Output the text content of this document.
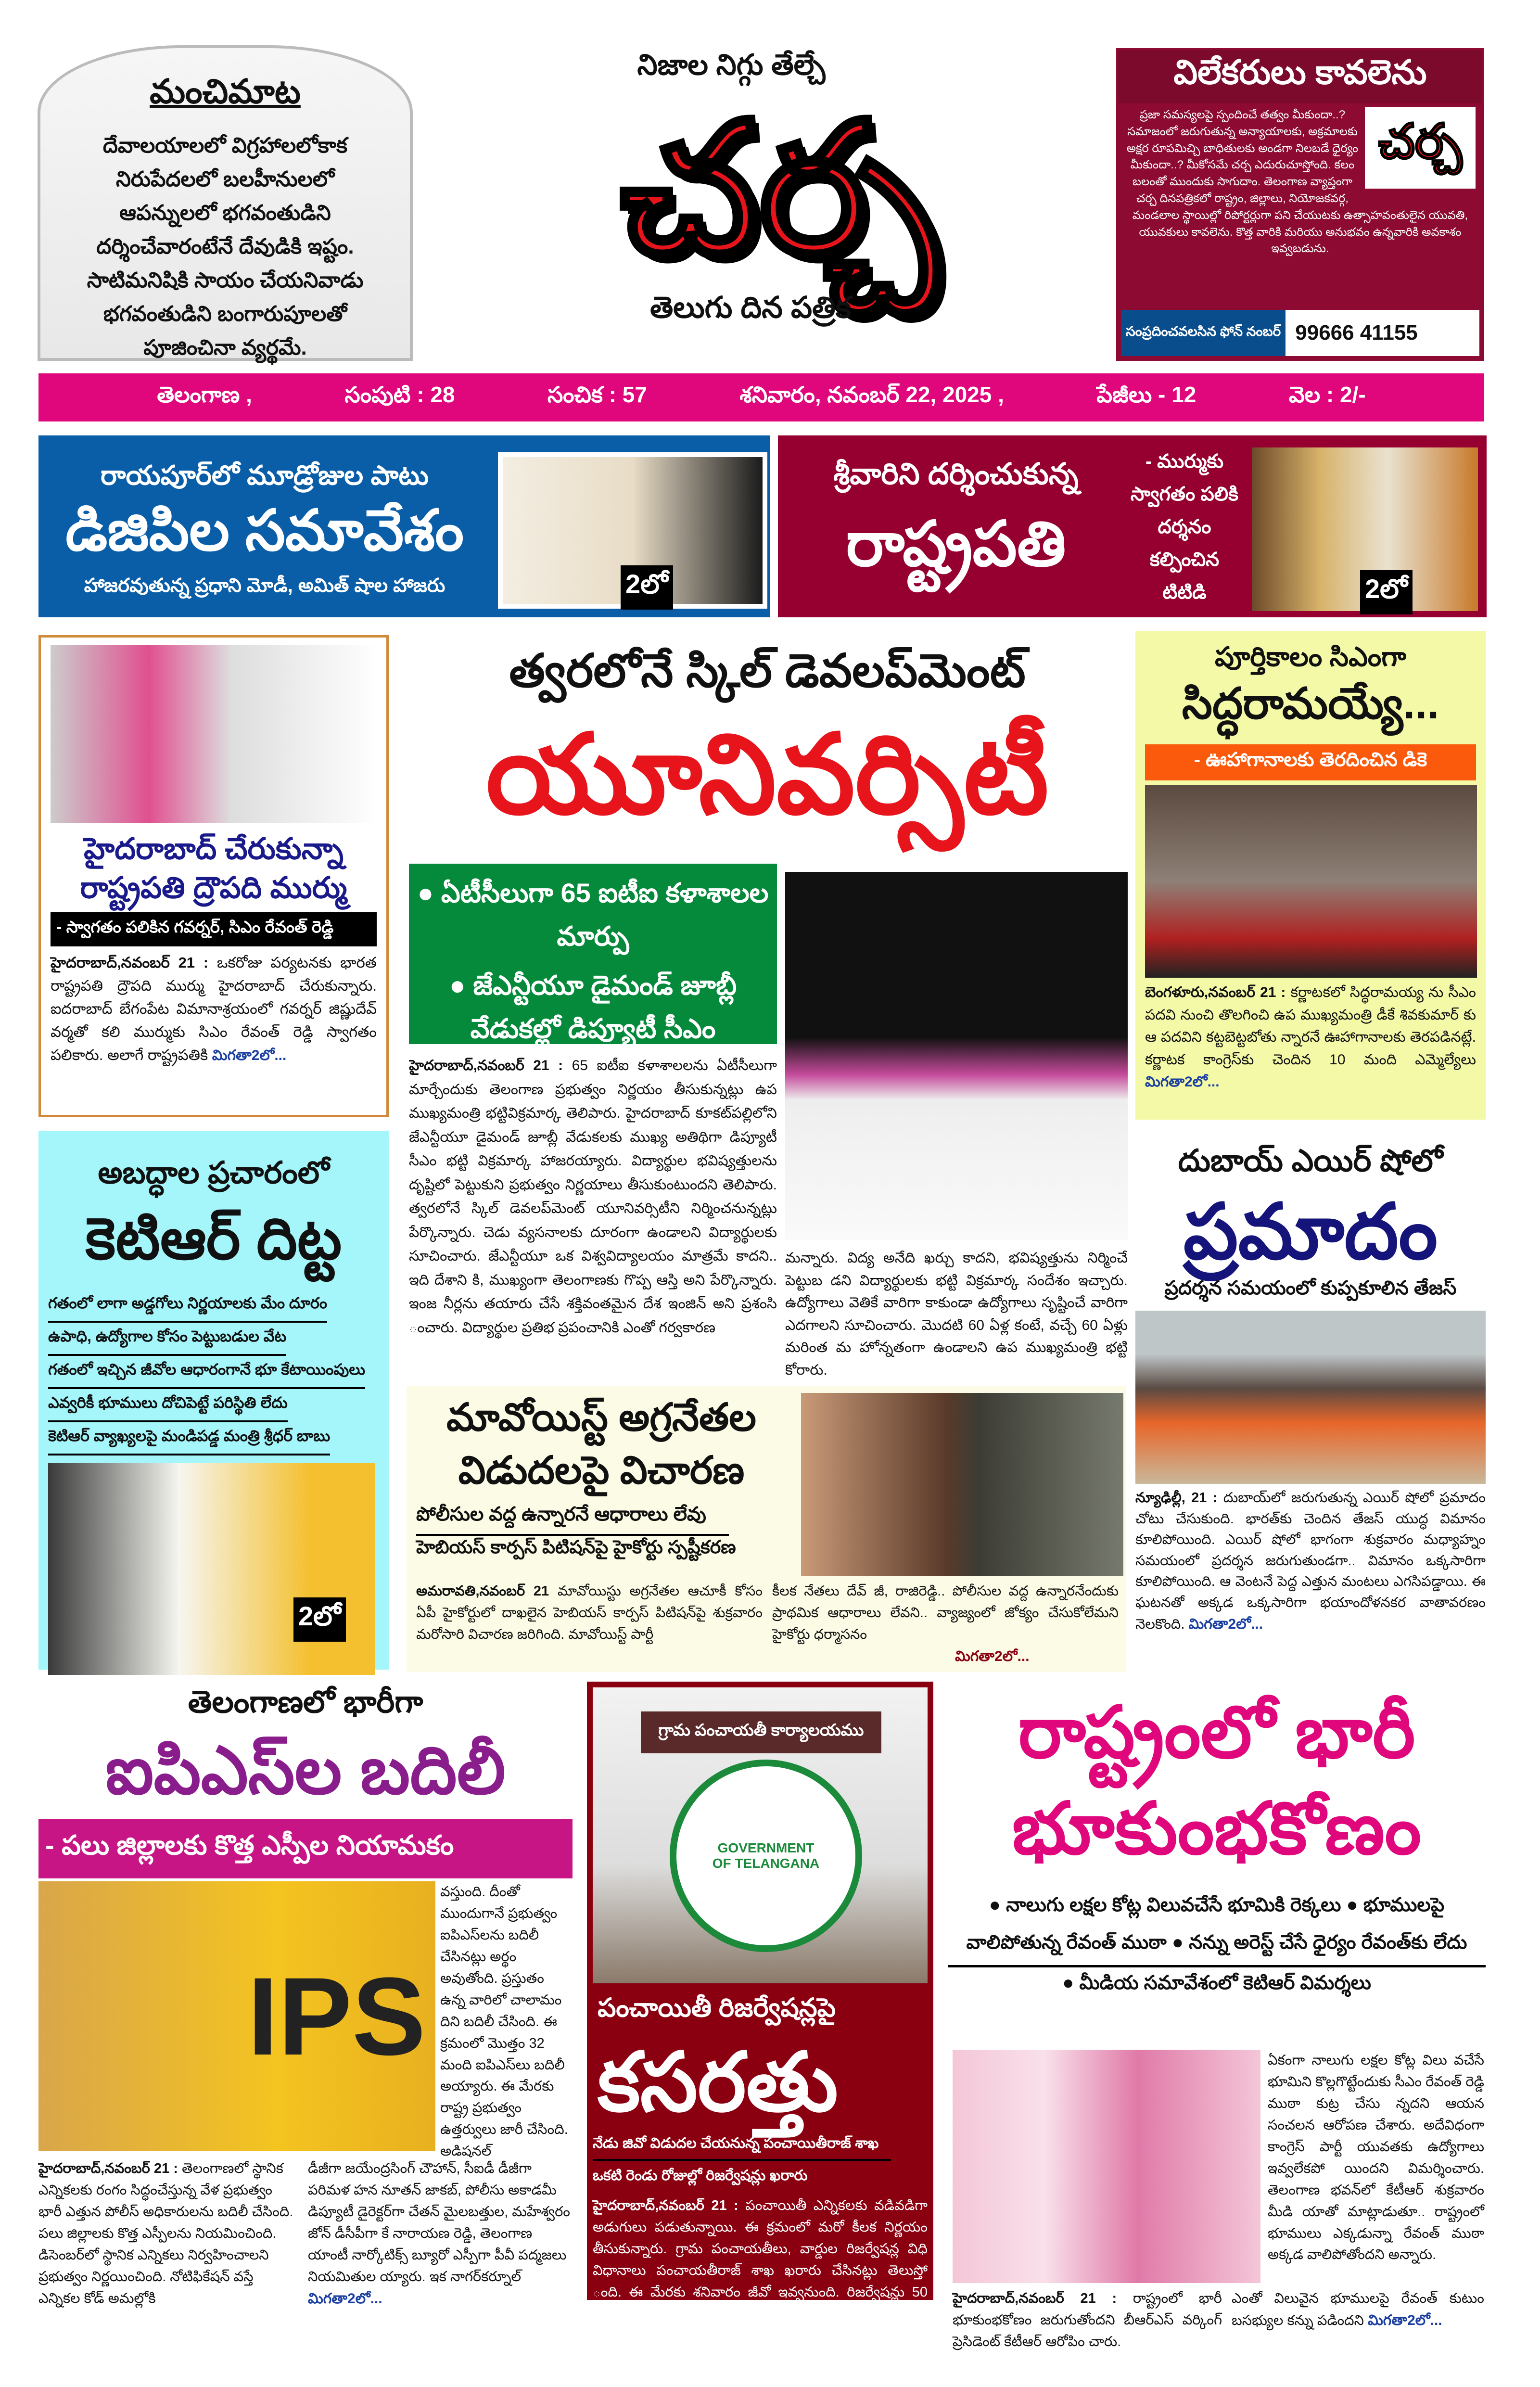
మంచిమాట
దేవాలయాలలో విగ్రహాలలోకాక
నిరుపేదలలో బలహీనులలో
ఆపన్నులలో భగవంతుడిని
దర్శించేవారంటేనే దేవుడికి ఇష్టం.
సాటిమనిషికి సాయం చేయనివాడు
భగవంతుడిని బంగారుపూలతో
పూజించినా వ్యర్థమే.
నిజాల నిగ్గు తేల్చే
చర్చ
తెలుగు దిన పత్రిక
విలేకరులు కావలెను
చర్చ
ప్రజా సమస్యలపై స్పందించే తత్వం మీకుందా..? సమాజంలో జరుగుతున్న అన్యాయాలకు, అక్రమాలకు అక్షర రూపమిచ్చి బాధితులకు అండగా నిలబడే ధైర్యం మీకుందా..? మీకోసమే చర్చ ఎదురుచూస్తోంది. కలం బలంతో ముందుకు సాగుదాం. తెలంగాణ వ్యాప్తంగా చర్చ దినపత్రికలో రాష్ట్రం, జిల్లాలు, నియోజకవర్గ, మండలాల స్థాయిల్లో రిపోర్టర్లుగా పని చేయుటకు ఉత్సాహవంతులైన యువతి, యువకులు కావలెను. కొత్త వారికి మరియు అనుభవం ఉన్నవారికి అవకాశం ఇవ్వబడును.
సంప్రదించవలసిన ఫోన్ నంబర్ 99666 41155
తెలంగాణ ,	సంపుటి : 28	సంచిక : 57	శనివారం, నవంబర్ 22, 2025 ,	పేజీలు - 12	వెల : 2/-
రాయపూర్‌లో మూడ్రోజుల పాటు
డిజిపిల సమావేశం
హాజరవుతున్న ప్రధాని మోడీ, అమిత్ షాల హాజరు	2లో
శ్రీవారిని దర్శించుకున్న
రాష్ట్రపతి
- ముర్ముకు
స్వాగతం పలికి
దర్శనం
కల్పించిన
టిటిడి	2లో
హైదరాబాద్ చేరుకున్నా రాష్ట్రపతి ద్రౌపది ముర్ము
- స్వాగతం పలికిన గవర్నర్, సిఎం రేవంత్ రెడ్డి
హైదరాబాద్,నవంబర్ 21 : ఒకరోజు పర్యటనకు భారత రాష్ట్రపతి ద్రౌపది ముర్ము హైదరాబాద్ చేరుకున్నారు. ఐదరాబాద్ బేగంపేట విమానాశ్రయంలో గవర్నర్ జిష్ణుదేవ్ వర్మతో కలి ముర్ముకు సిఎం రేవంత్ రెడ్డి స్వాగతం పలికారు. అలాగే రాష్ట్రపతికి మిగతా2లో...
త్వరలోనే స్కిల్ డెవలప్‌మెంట్
యూనివర్సిటీ
● ఏటీసీలుగా 65 ఐటీఐ కళాశాలల మార్పు
● జేఎన్టీయూ డైమండ్ జూబ్లీ వేడుకల్లో డిప్యూటీ సీఎం
హైదరాబాద్,నవంబర్ 21 : 65 ఐటీఐ కళాశాలలను ఏటీసీలుగా మార్చేందుకు తెలంగాణ ప్రభుత్వం నిర్ణయం తీసుకున్నట్లు ఉప ముఖ్యమంత్రి భట్టివిక్రమార్క తెలిపారు. హైదరాబాద్ కూకట్‌పల్లిలోని జేఎన్టీయూ డైమండ్ జూబ్లీ వేడుకలకు ముఖ్య అతిథిగా డిప్యూటీ సీఎం భట్టి విక్రమార్క హాజరయ్యారు. విద్యార్థుల భవిష్యత్తులను దృష్టిలో పెట్టుకుని ప్రభుత్వం నిర్ణయాలు తీసుకుంటుందని తెలిపారు. త్వరలోనే స్కిల్ డెవలప్‌మెంట్ యూనివర్సిటీని నిర్మించనున్నట్లు పేర్కొన్నారు. చెడు వ్యసనాలకు దూరంగా ఉండాలని విద్యార్థులకు సూచించారు. జేఎన్టీయూ ఒక విశ్వవిద్యాలయం మాత్రమే కాదని.. ఇది దేశాని కి, ముఖ్యంగా తెలంగాణకు గొప్ప ఆస్తి అని పేర్కొన్నారు. ఇంజ నీర్లను తయారు చేసే శక్తివంతమైన దేశ ఇంజిన్ అని ప్రశంసి ంచారు. విద్యార్థుల ప్రతిభ ప్రపంచానికి ఎంతో గర్వకారణ
మన్నారు. విద్య అనేది ఖర్చు కాదని, భవిష్యత్తును నిర్మించే పెట్టుబ డని విద్యార్థులకు భట్టి విక్రమార్క సందేశం ఇచ్చారు. ఉద్యోగాలు వెతికే వారిగా కాకుండా ఉద్యోగాలు సృష్టించే వారిగా ఎదగాలని సూచించారు. మొదటి 60 ఏళ్ల కంటే, వచ్చే 60 ఏళ్లు మరింత మ హోన్నతంగా ఉండాలని ఉప ముఖ్యమంత్రి భట్టి కోరారు.
పూర్తికాలం సిఎంగా
సిద్ధరామయ్యే...
- ఊహాగానాలకు తెరదించిన డికె
బెంగళూరు,నవంబర్ 21 : కర్ణాటకలో సిద్ధరామయ్య ను సీఎం పదవి నుంచి తొలగించి ఉప ముఖ్యమంత్రి డీకే శివకుమార్ కు ఆ పదవిని కట్టబెట్టబోతు న్నారనే ఊహాగానాలకు తెరపడినట్లే. కర్ణాటక కాంగ్రెస్‌కు చెందిన 10 మంది ఎమ్మెల్యేలు మిగతా2లో...
దుబాయ్ ఎయిర్ షోలో
ప్రమాదం
ప్రదర్శన సమయంలో కుప్పకూలిన తేజస్
న్యూఢిల్లీ, 21 : దుబాయ్‌లో జరుగుతున్న ఎయిర్ షోలో ప్రమాదం చోటు చేసుకుంది. భారత్‌కు చెందిన తేజస్ యుద్ధ విమానం కూలిపోయింది. ఎయిర్ షోలో భాగంగా శుక్రవారం మధ్యాహ్నం సమయంలో ప్రదర్శన జరుగుతుండగా.. విమానం ఒక్కసారిగా కూలిపోయింది. ఆ వెంటనే పెద్ద ఎత్తున మంటలు ఎగసిపడ్డాయి. ఈ ఘటనతో అక్కడ ఒక్కసారిగా భయాందోళనకర వాతావరణం నెలకొంది. మిగతా2లో...
అబద్ధాల ప్రచారంలో
కెటిఆర్ దిట్ట
గతంలో లాగా అడ్డగోలు నిర్ణయాలకు మేం దూరం
ఉపాధి, ఉద్యోగాల కోసం పెట్టుబడుల వేట
గతంలో ఇచ్చిన జీవోల ఆధారంగానే భూ కేటాయింపులు
ఎవ్వరికీ భూములు దోచిపెట్టే పరిస్థితి లేదు
కెటిఆర్ వ్యాఖ్యలపై మండిపడ్డ మంత్రి శ్రీధర్ బాబు
2లో
మావోయిస్ట్ అగ్రనేతల
విడుదలపై విచారణ
పోలీసుల వద్ద ఉన్నారనే ఆధారాలు లేవు
హెబియస్ కార్పస్ పిటిషన్‌పై హైకోర్టు స్పష్టీకరణ
అమరావతి,నవంబర్ 21 మావోయిస్టు అగ్రనేతల ఆచూకీ కోసం ఏపీ హైకోర్టులో దాఖలైన హెబియస్ కార్పస్ పిటిషన్‌పై శుక్రవారం మరోసారి విచారణ జరిగింది. మావోయిస్ట్ పార్టీ
కీలక నేతలు దేవ్ జీ, రాజిరెడ్డి.. పోలీసుల వద్ద ఉన్నారనేందుకు ప్రాథమిక ఆధారాలు లేవని.. వ్యాజ్యంలో జోక్యం చేసుకోలేమని హైకోర్టు ధర్మాసనం
మిగతా2లో...
తెలంగాణలో భారీగా
ఐపిఎస్‌ల బదిలీ
- పలు జిల్లాలకు కొత్త ఎస్పీల నియామకం
IPS
వస్తుంది. దీంతో ముందుగానే ప్రభుత్వం ఐపిఎస్‌లను బదిలీ చేసినట్లు అర్థం అవుతోంది. ప్రస్తుతం ఉన్న వారిలో చాలామం దిని బదిలీ చేసింది. ఈ క్రమంలో మొత్తం 32 మంది ఐపిఎస్‌లు బదిలీ అయ్యారు. ఈ మేరకు రాష్ట్ర ప్రభుత్వం ఉత్తర్వులు జారీ చేసింది. అడిషనల్
హైదరాబాద్,నవంబర్ 21 : తెలంగాణలో స్థానిక ఎన్నికలకు రంగం సిద్ధంచేస్తున్న వేళ ప్రభుత్వం భారీ ఎత్తున పోలీస్ అధికారులను బదిలీ చేసింది. పలు జిల్లాలకు కొత్త ఎస్పీలను నియమించింది. డిసెంబర్‌లో స్థానిక ఎన్నికలు నిర్వహించాలని ప్రభుత్వం నిర్ణయించింది. నోటిఫికేషన్ వస్తే ఎన్నికల కోడ్ అమల్లోకి
డీజీగా జయేంద్రసింగ్ చౌహాన్, సీఐడీ డీజీగా పరిమళ హన నూతన్ జాకబ్, పోలీసు అకాడమీ డిప్యూటీ డైరెక్టర్‌గా చేతన్ మైలబత్తుల, మహేశ్వరం జోన్ డీసీపీగా కే నారాయణ రెడ్డి, తెలంగాణ యాంటీ నార్కోటిక్స్ బ్యూరో ఎస్పీగా పీవీ పద్మజలు నియమితుల య్యారు. ఇక నాగర్‌కర్నూల్ మిగతా2లో...
గ్రామ పంచాయతీ కార్యాలయము
GOVERNMENT OF TELANGANA
పంచాయితీ రిజర్వేషన్లపై
కసరత్తు
నేడు జివో విడుదల చేయనున్న పంచాయితీరాజ్ శాఖ
ఒకటి రెండు రోజుల్లో రిజర్వేషన్లు ఖరారు
హైదరాబాద్,నవంబర్ 21 : పంచాయితీ ఎన్నికలకు వడివడిగా అడుగులు పడుతున్నాయి. ఈ క్రమంలో మరో కీలక నిర్ణయం తీసుకున్నారు. గ్రామ పంచాయతీలు, వార్డుల రిజర్వేషన్ల విధి విధానాలు పంచాయతీరాజ్ శాఖ ఖరారు చేసినట్లు తెలుస్తో ంది. ఈ మేరకు శనివారం జీవో ఇవ్వనుంది. రిజర్వేషన్లు 50 శాతం మించకుండా కొత్త రిజర్వేషన్లను మిగతా2లో...
రాష్ట్రంలో భారీ
భూకుంభకోణం
● నాలుగు లక్షల కోట్ల విలువచేసే భూమికి రెక్కలు ● భూములపై వాలిపోతున్న రేవంత్ ముఠా ● నన్ను అరెస్ట్ చేసే ధైర్యం రేవంత్‌కు లేదు
● మీడియ సమావేశంలో కెటిఆర్ విమర్శలు
ఏకంగా నాలుగు లక్షల కోట్ల విలు వచేసే భూమిని కొల్లగొట్టేందుకు సీఎం రేవంత్ రెడ్డి ముఠా కుట్ర చేసు న్నదని ఆయన సంచలన ఆరోపణ చేశారు. అదేవిధంగా కాంగ్రెస్ పార్టీ యువతకు ఉద్యోగాలు ఇవ్వలేకపో యిందని విమర్శించారు. తెలంగాణ భవన్‌లో కేటీఆర్ శుక్రవారం మీడి యాతో మాట్లాడుతూ.. రాష్ట్రంలో భూములు ఎక్కడున్నా రేవంత్ ముఠా అక్కడ వాలిపోతోందని అన్నారు.
హైదరాబాద్,నవంబర్ 21 : రాష్ట్రంలో భారీ భూకుంభకోణం జరుగుతోందని బీఆర్ఎస్ వర్కింగ్ ప్రెసిడెంట్ కేటీఆర్ ఆరోపిం చారు.
ఎంతో విలువైన భూములపై రేవంత్ కుటుం బసభ్యుల కన్ను పడిందని మిగతా2లో...
